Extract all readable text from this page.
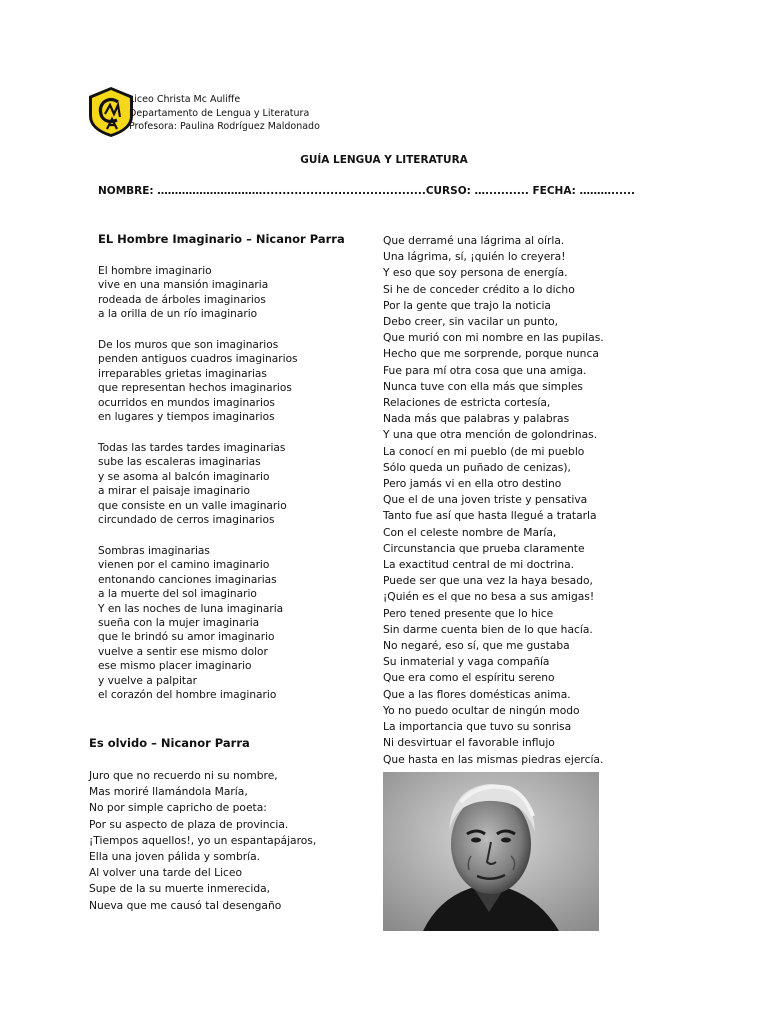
Liceo Christa Mc Auliffe
Departamento de Lengua y Literatura
Profesora: Paulina Rodríguez Maldonado
GUÍA LENGUA Y LITERATURA
NOMBRE: ………………………….........................................CURSO: …........... FECHA: ………......
EL Hombre Imaginario – Nicanor Parra
El hombre imaginario
vive en una mansión imaginaria
rodeada de árboles imaginarios
a la orilla de un río imaginario
De los muros que son imaginarios
penden antiguos cuadros imaginarios
irreparables grietas imaginarias
que representan hechos imaginarios
ocurridos en mundos imaginarios
en lugares y tiempos imaginarios
Todas las tardes tardes imaginarias
sube las escaleras imaginarias
y se asoma al balcón imaginario
a mirar el paisaje imaginario
que consiste en un valle imaginario
circundado de cerros imaginarios
Sombras imaginarias
vienen por el camino imaginario
entonando canciones imaginarias
a la muerte del sol imaginario
Y en las noches de luna imaginaria
sueña con la mujer imaginaria
que le brindó su amor imaginario
vuelve a sentir ese mismo dolor
ese mismo placer imaginario
y vuelve a palpitar
el corazón del hombre imaginario
Es olvido – Nicanor Parra
Juro que no recuerdo ni su nombre,
Mas moriré llamándola María,
No por simple capricho de poeta:
Por su aspecto de plaza de provincia.
¡Tiempos aquellos!, yo un espantapájaros,
Ella una joven pálida y sombría.
Al volver una tarde del Liceo
Supe de la su muerte inmerecida,
Nueva que me causó tal desengaño
Que derramé una lágrima al oírla.
Una lágrima, sí, ¡quién lo creyera!
Y eso que soy persona de energía.
Si he de conceder crédito a lo dicho
Por la gente que trajo la noticia
Debo creer, sin vacilar un punto,
Que murió con mi nombre en las pupilas.
Hecho que me sorprende, porque nunca
Fue para mí otra cosa que una amiga.
Nunca tuve con ella más que simples
Relaciones de estricta cortesía,
Nada más que palabras y palabras
Y una que otra mención de golondrinas.
La conocí en mi pueblo (de mi pueblo
Sólo queda un puñado de cenizas),
Pero jamás vi en ella otro destino
Que el de una joven triste y pensativa
Tanto fue así que hasta llegué a tratarla
Con el celeste nombre de María,
Circunstancia que prueba claramente
La exactitud central de mi doctrina.
Puede ser que una vez la haya besado,
¡Quién es el que no besa a sus amigas!
Pero tened presente que lo hice
Sin darme cuenta bien de lo que hacía.
No negaré, eso sí, que me gustaba
Su inmaterial y vaga compañía
Que era como el espíritu sereno
Que a las flores domésticas anima.
Yo no puedo ocultar de ningún modo
La importancia que tuvo su sonrisa
Ni desvirtuar el favorable influjo
Que hasta en las mismas piedras ejercía.
